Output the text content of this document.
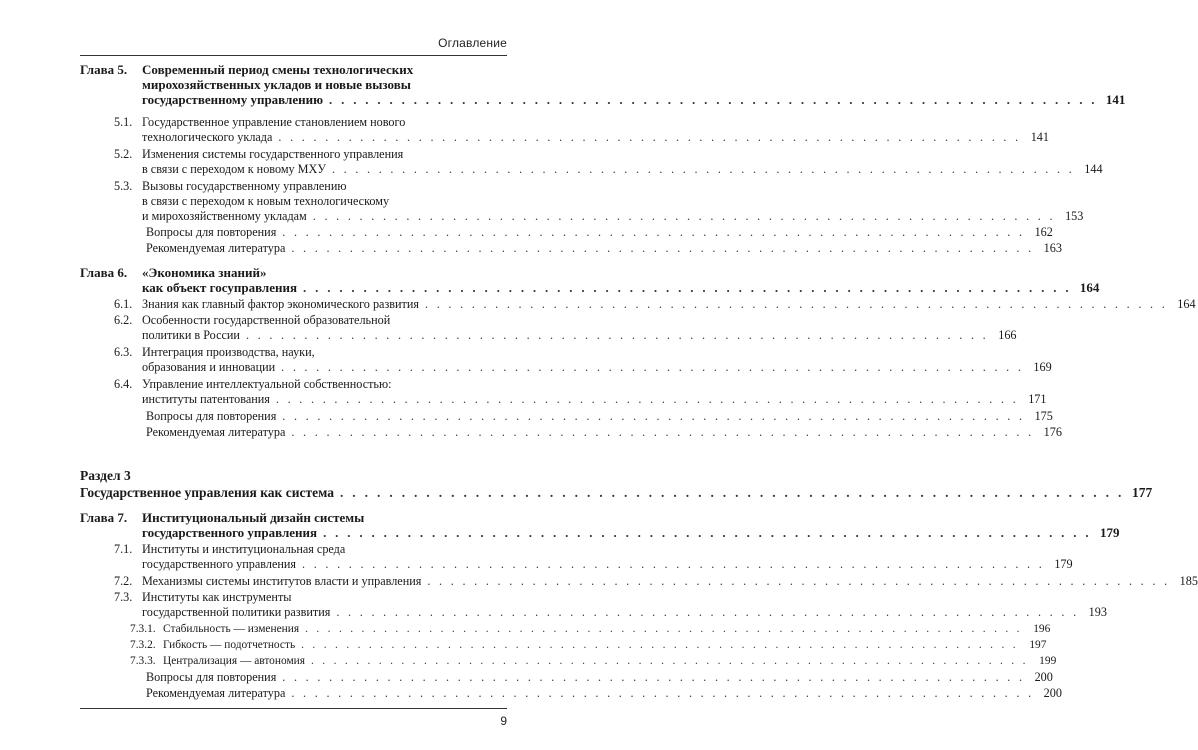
Оглавление
Глава 5. Современный период смены технологических
мирохозяйственных укладов и новые вызовы
государственному управлению . . . . . . . . . . . . . . . . . . . . . . . . . . . . . . . . . . . . . . . . . . . . . . . . . . . . . . . . . . . . . . . . 141
5.1. Государственное управление становлением нового
технологического уклада . . . . . . . . . . . . . . . . . . . . . . . . . . . . . . . . . . . . . . . . . . . . . . . . . . . . . . . . . . . . . . . . 141
5.2. Изменения системы государственного управления
в связи с переходом к новому МХУ . . . . . . . . . . . . . . . . . . . . . . . . . . . . . . . . . . . . . . . . . . . . . . . . . . . . . . . . . . . . . . . . 144
5.3. Вызовы государственному управлению
в связи с переходом к новым технологическому
и мирохозяйственному укладам . . . . . . . . . . . . . . . . . . . . . . . . . . . . . . . . . . . . . . . . . . . . . . . . . . . . . . . . . . . . . . . . 153
Вопросы для повторения . . . . . . . . . . . . . . . . . . . . . . . . . . . . . . . . . . . . . . . . . . . . . . . . . . . . . . . . . . . . . . . . 162
Рекомендуемая литература . . . . . . . . . . . . . . . . . . . . . . . . . . . . . . . . . . . . . . . . . . . . . . . . . . . . . . . . . . . . . . . . 163
Глава 6. «Экономика знаний»
как объект госуправления . . . . . . . . . . . . . . . . . . . . . . . . . . . . . . . . . . . . . . . . . . . . . . . . . . . . . . . . . . . . . . . . 164
6.1. Знания как главный фактор экономического развития . . . . . . . . . . . . . . . . . . . . . . . . . . . . . . . . . . . . . . . . . . . . . . . . . . . . . . . . . . . . . . . . 164
6.2. Особенности государственной образовательной
политики в России . . . . . . . . . . . . . . . . . . . . . . . . . . . . . . . . . . . . . . . . . . . . . . . . . . . . . . . . . . . . . . . . 166
6.3. Интеграция производства, науки,
образования и инновации . . . . . . . . . . . . . . . . . . . . . . . . . . . . . . . . . . . . . . . . . . . . . . . . . . . . . . . . . . . . . . . . 169
6.4. Управление интеллектуальной собственностью:
институты патентования . . . . . . . . . . . . . . . . . . . . . . . . . . . . . . . . . . . . . . . . . . . . . . . . . . . . . . . . . . . . . . . . 171
Вопросы для повторения . . . . . . . . . . . . . . . . . . . . . . . . . . . . . . . . . . . . . . . . . . . . . . . . . . . . . . . . . . . . . . . . 175
Рекомендуемая литература . . . . . . . . . . . . . . . . . . . . . . . . . . . . . . . . . . . . . . . . . . . . . . . . . . . . . . . . . . . . . . . . 176
Раздел 3
Государственное управления как система . . . . . . . . . . . . . . . . . . . . . . . . . . . . . . . . . . . . . . . . . . . . . . . . . . . . . . . . . . . . . . . . 177
Глава 7. Институциональный дизайн системы
государственного управления . . . . . . . . . . . . . . . . . . . . . . . . . . . . . . . . . . . . . . . . . . . . . . . . . . . . . . . . . . . . . . . . 179
7.1. Институты и институциональная среда
государственного управления . . . . . . . . . . . . . . . . . . . . . . . . . . . . . . . . . . . . . . . . . . . . . . . . . . . . . . . . . . . . . . . . 179
7.2. Механизмы системы институтов власти и управления . . . . . . . . . . . . . . . . . . . . . . . . . . . . . . . . . . . . . . . . . . . . . . . . . . . . . . . . . . . . . . . . 185
7.3. Институты как инструменты
государственной политики развития . . . . . . . . . . . . . . . . . . . . . . . . . . . . . . . . . . . . . . . . . . . . . . . . . . . . . . . . . . . . . . . . 193
7.3.1. Стабильность — изменения . . . . . . . . . . . . . . . . . . . . . . . . . . . . . . . . . . . . . . . . . . . . . . . . . . . . . . . . . . . . . . . . 196
7.3.2. Гибкость — подотчетность . . . . . . . . . . . . . . . . . . . . . . . . . . . . . . . . . . . . . . . . . . . . . . . . . . . . . . . . . . . . . . . . 197
7.3.3. Централизация — автономия . . . . . . . . . . . . . . . . . . . . . . . . . . . . . . . . . . . . . . . . . . . . . . . . . . . . . . . . . . . . . . . . 199
Вопросы для повторения . . . . . . . . . . . . . . . . . . . . . . . . . . . . . . . . . . . . . . . . . . . . . . . . . . . . . . . . . . . . . . . . 200
Рекомендуемая литература . . . . . . . . . . . . . . . . . . . . . . . . . . . . . . . . . . . . . . . . . . . . . . . . . . . . . . . . . . . . . . . . 200
9
